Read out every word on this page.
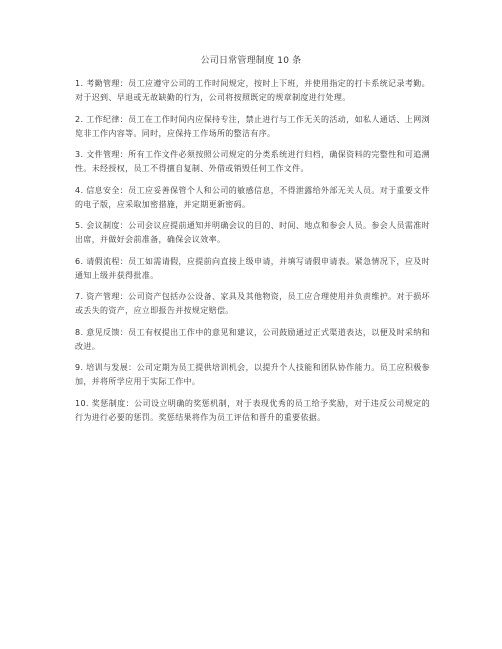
公司日常管理制度 10 条

1. 考勤管理：员工应遵守公司的工作时间规定，按时上下班，并使用指定的打卡系统记录考勤。对于迟到、早退或无故缺勤的行为，公司将按照既定的规章制度进行处理。

2. 工作纪律：员工在工作时间内应保持专注，禁止进行与工作无关的活动，如私人通话、上网浏览非工作内容等。同时，应保持工作场所的整洁有序。

3. 文件管理：所有工作文件必须按照公司规定的分类系统进行归档，确保资料的完整性和可追溯性。未经授权，员工不得擅自复制、外借或销毁任何工作文件。

4. 信息安全：员工应妥善保管个人和公司的敏感信息，不得泄露给外部无关人员。对于重要文件的电子版，应采取加密措施，并定期更新密码。

5. 会议制度：公司会议应提前通知并明确会议的目的、时间、地点和参会人员。参会人员需准时出席，并做好会前准备，确保会议效率。

6. 请假流程：员工如需请假，应提前向直接上级申请，并填写请假申请表。紧急情况下，应及时通知上级并获得批准。

7. 资产管理：公司资产包括办公设备、家具及其他物资，员工应合理使用并负责维护。对于损坏或丢失的资产，应立即报告并按规定赔偿。

8. 意见反馈：员工有权提出工作中的意见和建议，公司鼓励通过正式渠道表达，以便及时采纳和改进。

9. 培训与发展：公司定期为员工提供培训机会，以提升个人技能和团队协作能力。员工应积极参加，并将所学应用于实际工作中。

10. 奖惩制度：公司设立明确的奖惩机制，对于表现优秀的员工给予奖励，对于违反公司规定的行为进行必要的惩罚。奖惩结果将作为员工评估和晋升的重要依据。
